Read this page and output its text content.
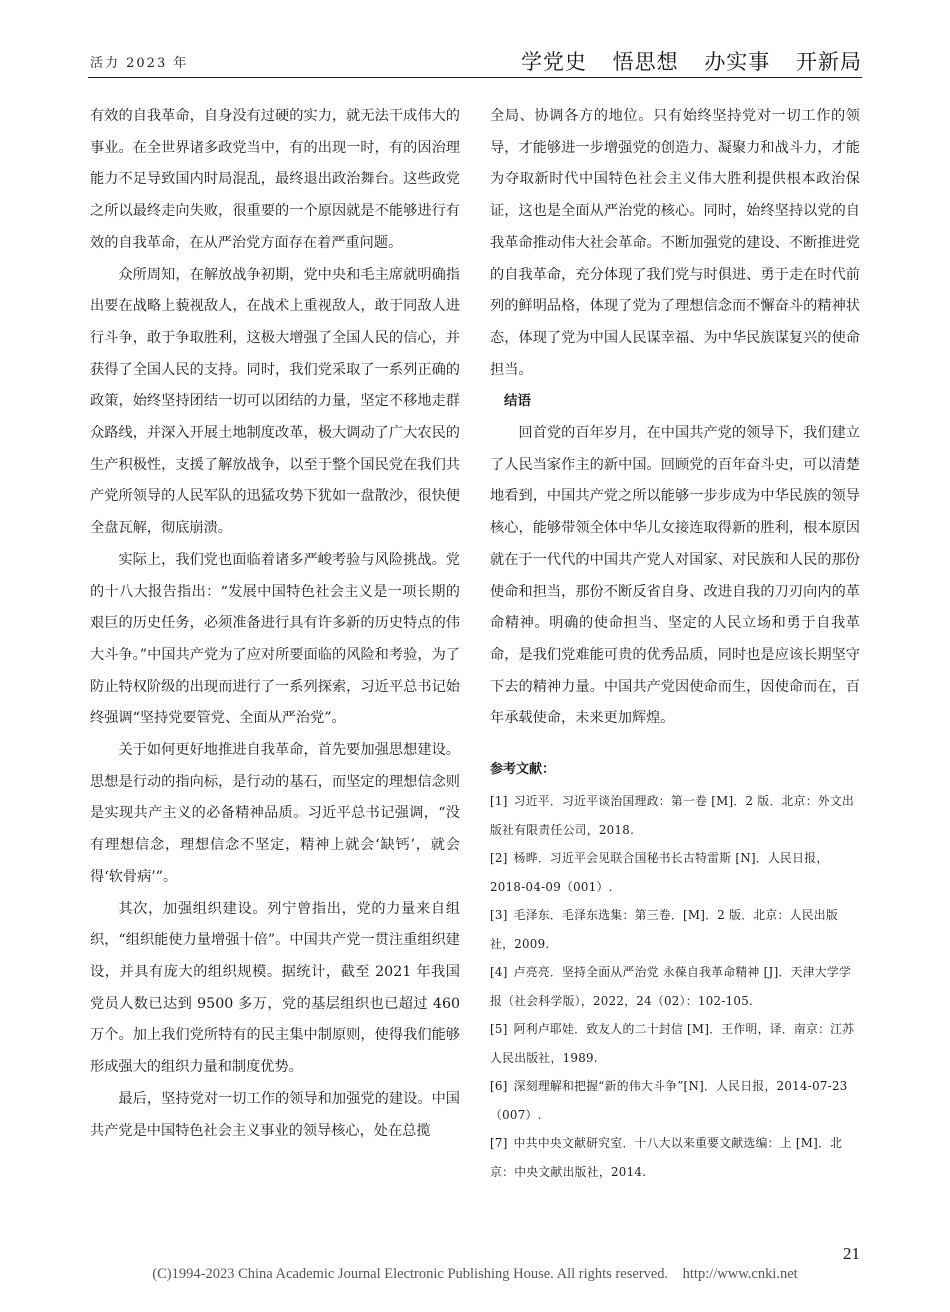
活力 2023 年	学党史 悟思想 办实事 开新局

有效的自我革命，自身没有过硬的实力，就无法干成伟大的事业。在全世界诸多政党当中，有的出现一时，有的因治理能力不足导致国内时局混乱，最终退出政治舞台。这些政党之所以最终走向失败，很重要的一个原因就是不能够进行有效的自我革命，在从严治党方面存在着严重问题。

众所周知，在解放战争初期，党中央和毛主席就明确指出要在战略上藐视敌人，在战术上重视敌人，敢于同敌人进行斗争，敢于争取胜利，这极大增强了全国人民的信心，并获得了全国人民的支持。同时，我们党采取了一系列正确的政策，始终坚持团结一切可以团结的力量，坚定不移地走群众路线，并深入开展土地制度改革，极大调动了广大农民的生产积极性，支援了解放战争，以至于整个国民党在我们共产党所领导的人民军队的迅猛攻势下犹如一盘散沙，很快便全盘瓦解，彻底崩溃。

实际上，我们党也面临着诸多严峻考验与风险挑战。党的十八大报告指出：“发展中国特色社会主义是一项长期的艰巨的历史任务，必须准备进行具有许多新的历史特点的伟大斗争。”中国共产党为了应对所要面临的风险和考验，为了防止特权阶级的出现而进行了一系列探索，习近平总书记始终强调“坚持党要管党、全面从严治党”。

关于如何更好地推进自我革命，首先要加强思想建设。思想是行动的指向标，是行动的基石，而坚定的理想信念则是实现共产主义的必备精神品质。习近平总书记强调，“没有理想信念，理想信念不坚定，精神上就会‘缺钙’，就会得‘软骨病’”。

其次，加强组织建设。列宁曾指出，党的力量来自组织，“组织能使力量增强十倍”。中国共产党一贯注重组织建设，并具有庞大的组织规模。据统计，截至 2021 年我国党员人数已达到 9500 多万，党的基层组织也已超过 460 万个。加上我们党所特有的民主集中制原则，使得我们能够形成强大的组织力量和制度优势。

最后，坚持党对一切工作的领导和加强党的建设。中国共产党是中国特色社会主义事业的领导核心，处在总揽

全局、协调各方的地位。只有始终坚持党对一切工作的领导，才能够进一步增强党的创造力、凝聚力和战斗力，才能为夺取新时代中国特色社会主义伟大胜利提供根本政治保证，这也是全面从严治党的核心。同时，始终坚持以党的自我革命推动伟大社会革命。不断加强党的建设、不断推进党的自我革命，充分体现了我们党与时俱进、勇于走在时代前列的鲜明品格，体现了党为了理想信念而不懈奋斗的精神状态，体现了党为中国人民谋幸福、为中华民族谋复兴的使命担当。

结语

回首党的百年岁月，在中国共产党的领导下，我们建立了人民当家作主的新中国。回顾党的百年奋斗史，可以清楚地看到，中国共产党之所以能够一步步成为中华民族的领导核心，能够带领全体中华儿女接连取得新的胜利，根本原因就在于一代代的中国共产党人对国家、对民族和人民的那份使命和担当，那份不断反省自身、改进自我的刀刃向内的革命精神。明确的使命担当、坚定的人民立场和勇于自我革命，是我们党难能可贵的优秀品质，同时也是应该长期坚守下去的精神力量。中国共产党因使命而生，因使命而在，百年承载使命，未来更加辉煌。

参考文献：
[1] 习近平．习近平谈治国理政：第一卷 [M]．2 版．北京：外文出版社有限责任公司，2018.
[2] 杨晔．习近平会见联合国秘书长古特雷斯 [N]．人民日报，2018-04-09（001）.
[3] 毛泽东．毛泽东选集：第三卷．[M]．2 版．北京：人民出版社，2009.
[4] 卢亮亮．坚持全面从严治党 永葆自我革命精神 [J]．天津大学学报（社会科学版），2022，24（02）：102-105.
[5] 阿利卢耶娃．致友人的二十封信 [M]．王作明，译．南京：江苏人民出版社，1989.
[6] 深刻理解和把握“新的伟大斗争”[N]．人民日报，2014-07-23（007）.
[7] 中共中央文献研究室．十八大以来重要文献选编：上 [M]．北京：中央文献出版社，2014.
21
(C)1994-2023 China Academic Journal Electronic Publishing House. All rights reserved.    http://www.cnki.net
